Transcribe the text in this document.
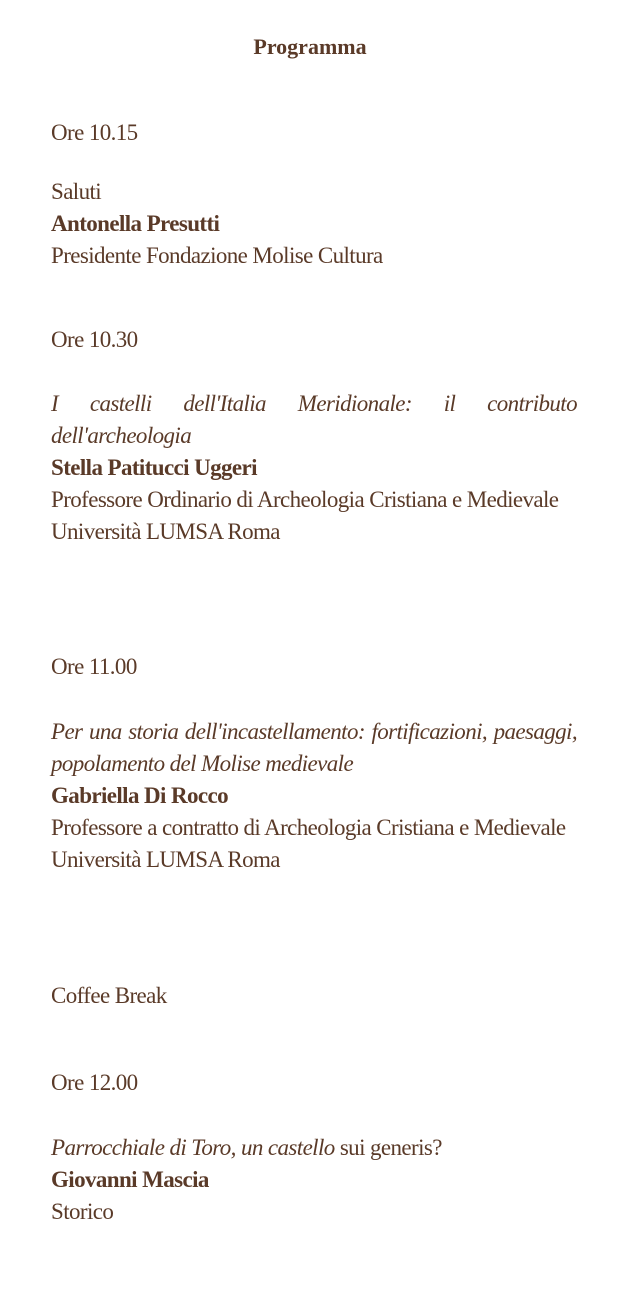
Programma
Ore 10.15
Saluti
Antonella Presutti
Presidente Fondazione Molise Cultura
Ore 10.30
I castelli dell'Italia Meridionale: il contributo dell'archeologia
Stella Patitucci Uggeri
Professore Ordinario di Archeologia Cristiana e Medievale
Università LUMSA Roma
Ore 11.00
Per una storia dell'incastellamento: fortificazioni, paesaggi, popolamento del Molise medievale
Gabriella Di Rocco
Professore a contratto di Archeologia Cristiana e Medievale
Università LUMSA Roma
Coffee Break
Ore 12.00
Parrocchiale di Toro, un castello sui generis?
Giovanni Mascia
Storico
